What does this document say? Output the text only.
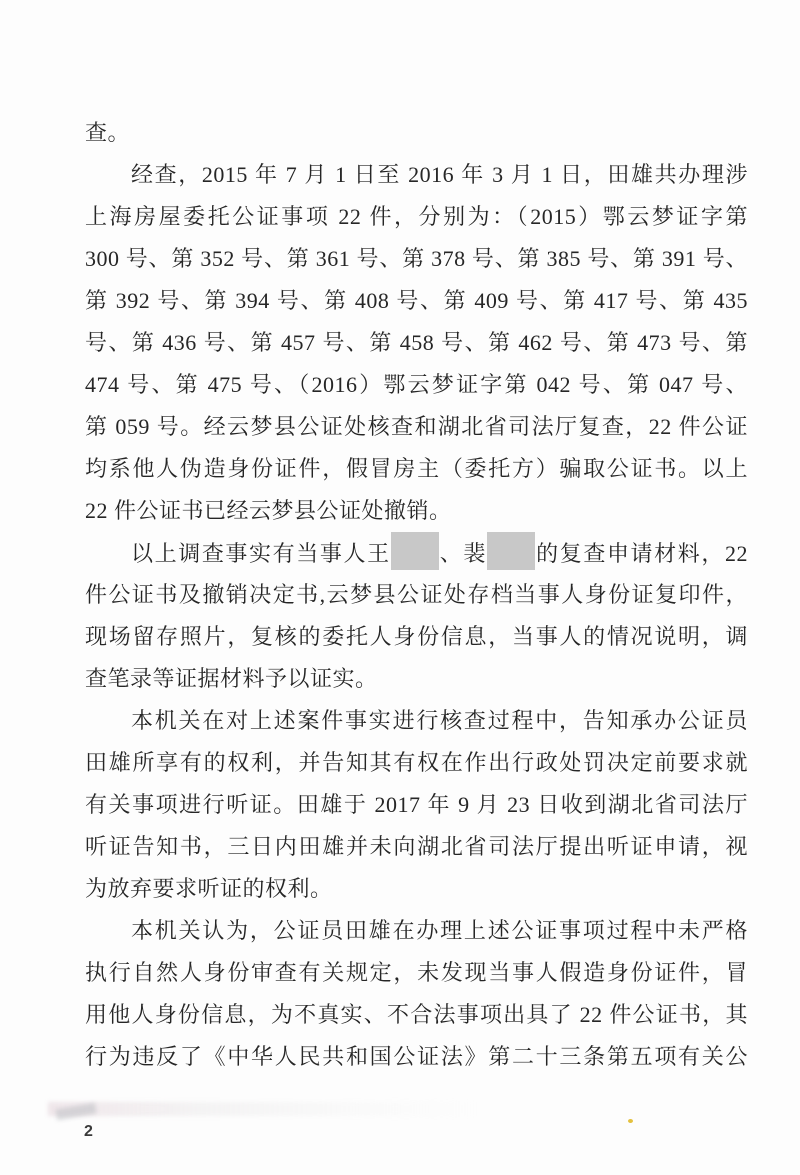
查。
经查，2015 年 7 月 1 日至 2016 年 3 月 1 日，田雄共办理涉
上海房屋委托公证事项 22 件，分别为：（2015）鄂云梦证字第
300 号、第 352 号、第 361 号、第 378 号、第 385 号、第 391 号、
第 392 号、第 394 号、第 408 号、第 409 号、第 417 号、第 435
号、第 436 号、第 457 号、第 458 号、第 462 号、第 473 号、第
474 号、第 475 号、（2016）鄂云梦证字第 042 号、第 047 号、
第 059 号。经云梦县公证处核查和湖北省司法厅复查，22 件公证
均系他人伪造身份证件，假冒房主（委托方）骗取公证书。以上
22 件公证书已经云梦县公证处撤销。
以上调查事实有当事人王 、裴 的复查申请材料，22
件公证书及撤销决定书,云梦县公证处存档当事人身份证复印件，
现场留存照片，复核的委托人身份信息，当事人的情况说明，调
查笔录等证据材料予以证实。
本机关在对上述案件事实进行核查过程中，告知承办公证员
田雄所享有的权利，并告知其有权在作出行政处罚决定前要求就
有关事项进行听证。田雄于 2017 年 9 月 23 日收到湖北省司法厅
听证告知书，三日内田雄并未向湖北省司法厅提出听证申请，视
为放弃要求听证的权利。
本机关认为，公证员田雄在办理上述公证事项过程中未严格
执行自然人身份审查有关规定，未发现当事人假造身份证件，冒
用他人身份信息，为不真实、不合法事项出具了 22 件公证书，其
行为违反了《中华人民共和国公证法》第二十三条第五项有关公
2
